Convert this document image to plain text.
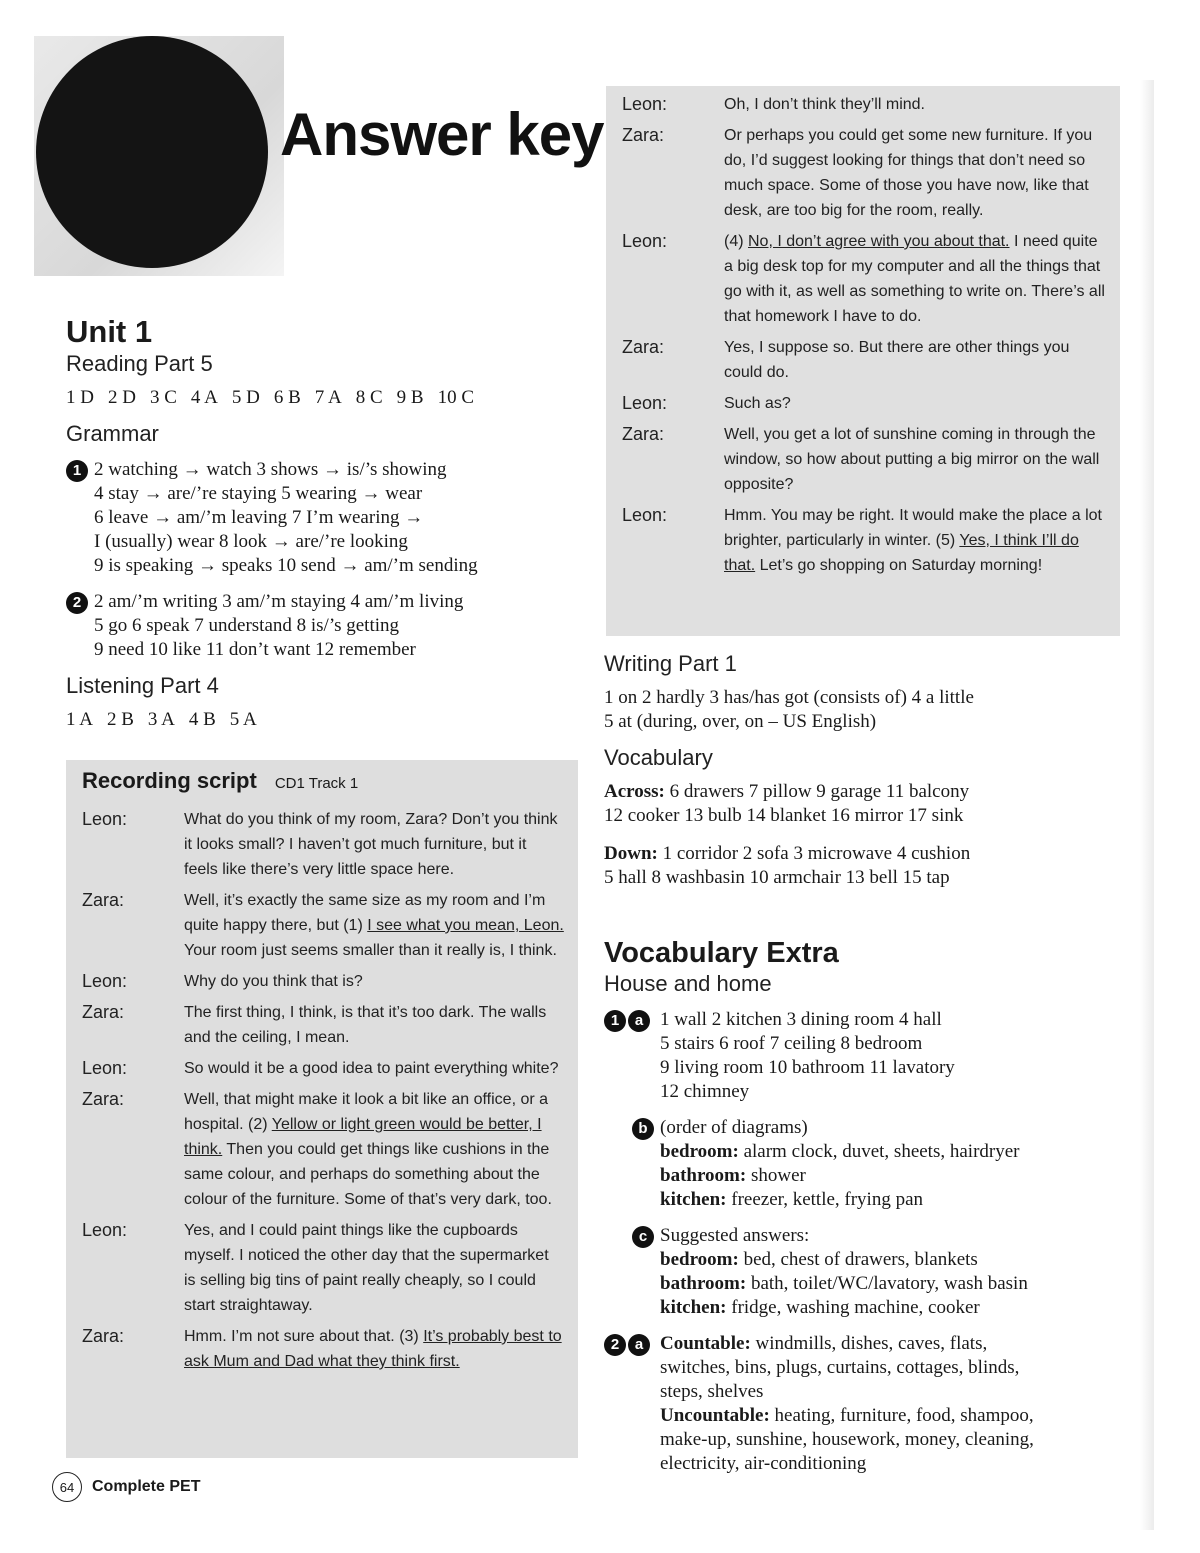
Answer key
Unit 1

Reading Part 5

1 D 2 D 3 C 4 A 5 D 6 B 7 A 8 C 9 B 10 C

Grammar

1 2 watching → watch 3 shows → is/’s showing
4 stay → are/’re staying 5 wearing → wear
6 leave → am/’m leaving 7 I’m wearing →
I (usually) wear 8 look → are/’re looking
9 is speaking → speaks 10 send → am/’m sending
2 2 am/’m writing 3 am/’m staying 4 am/’m living
5 go 6 speak 7 understand 8 is/’s getting
9 need 10 like 11 don’t want 12 remember

Listening Part 4

1 A 2 B 3 A 4 B 5 A

Recording script CD1 Track 1

Leon:	What do you think of my room, Zara? Don’t you think it looks small? I haven’t got much furniture, but it feels like there’s very little space here.
Zara:	Well, it’s exactly the same size as my room and I’m quite happy there, but (1) I see what you mean, Leon. Your room just seems smaller than it really is, I think.
Leon:	Why do you think that is?
Zara:	The first thing, I think, is that it’s too dark. The walls and the ceiling, I mean.
Leon:	So would it be a good idea to paint everything white?
Zara:	Well, that might make it look a bit like an office, or a hospital. (2) Yellow or light green would be better, I think. Then you could get things like cushions in the same colour, and perhaps do something about the colour of the furniture. Some of that’s very dark, too.
Leon:	Yes, and I could paint things like the cupboards myself. I noticed the other day that the supermarket is selling big tins of paint really cheaply, so I could start straightaway.
Zara:	Hmm. I’m not sure about that. (3) It’s probably best to ask Mum and Dad what they think first.
Leon:	Oh, I don’t think they’ll mind.
Zara:	Or perhaps you could get some new furniture. If you do, I’d suggest looking for things that don’t need so much space. Some of those you have now, like that desk, are too big for the room, really.
Leon:	(4) No, I don’t agree with you about that. I need quite a big desk top for my computer and all the things that go with it, as well as something to write on. There’s all that homework I have to do.
Zara:	Yes, I suppose so. But there are other things you could do.
Leon:	Such as?
Zara:	Well, you get a lot of sunshine coming in through the window, so how about putting a big mirror on the wall opposite?
Leon:	Hmm. You may be right. It would make the place a lot brighter, particularly in winter. (5) Yes, I think I’ll do that. Let’s go shopping on Saturday morning!

Writing Part 1

1 on 2 hardly 3 has/has got (consists of) 4 a little
5 at (during, over, on – US English)

Vocabulary

Across: 6 drawers 7 pillow 9 garage 11 balcony
12 cooker 13 bulb 14 blanket 16 mirror 17 sink
Down: 1 corridor 2 sofa 3 microwave 4 cushion
5 hall 8 washbasin 10 armchair 13 bell 15 tap
Vocabulary Extra

House and home

1	a 1 wall 2 kitchen 3 dining room 4 hall
5 stairs 6 roof 7 ceiling 8 bedroom
9 living room 10 bathroom 11 lavatory
12 chimney
b (order of diagrams)
bedroom: alarm clock, duvet, sheets, hairdryer
bathroom: shower
kitchen: freezer, kettle, frying pan
c Suggested answers:
bedroom: bed, chest of drawers, blankets
bathroom: bath, toilet/WC/lavatory, wash basin
kitchen: fridge, washing machine, cooker
2	a Countable: windmills, dishes, caves, flats,
switches, bins, plugs, curtains, cottages, blinds,
steps, shelves
Uncountable: heating, furniture, food, shampoo,
make-up, sunshine, housework, money, cleaning,
electricity, air-conditioning
64	Complete PET
